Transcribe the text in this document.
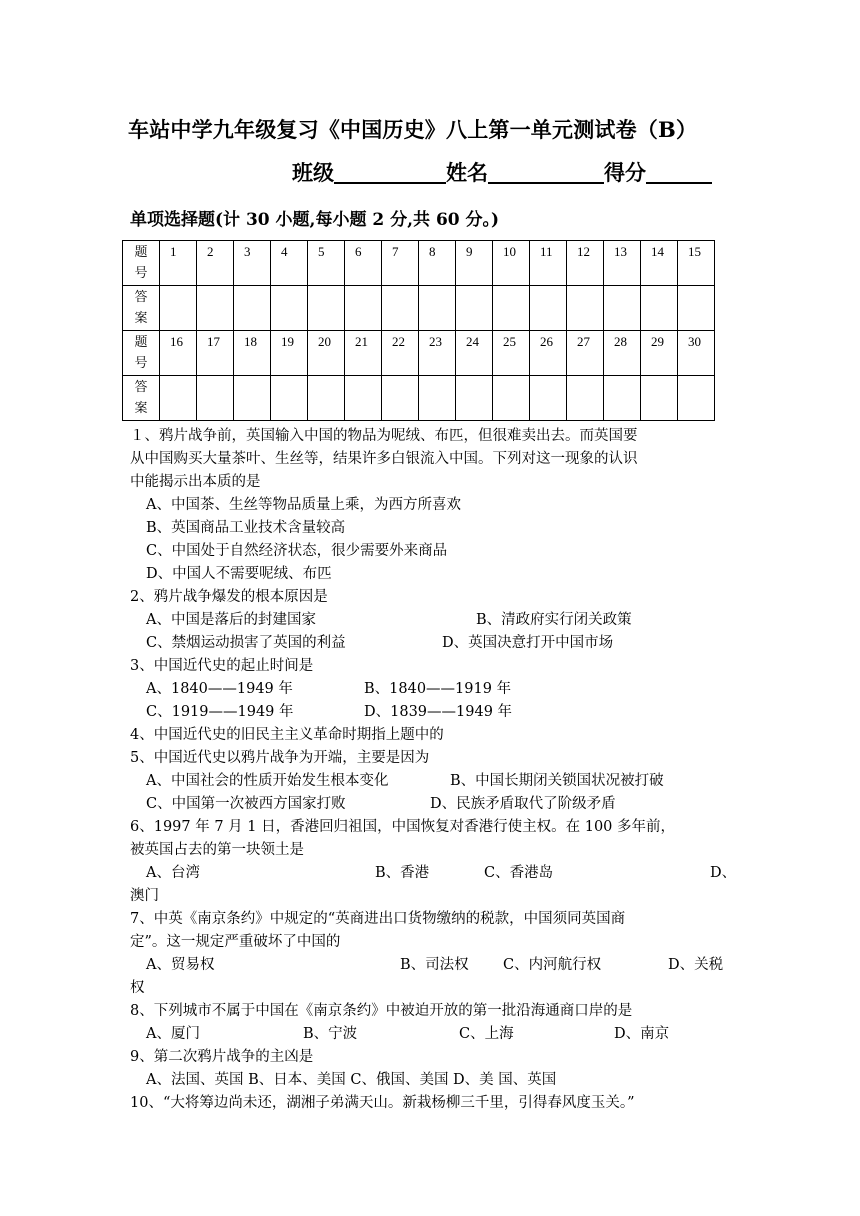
车站中学九年级复习《中国历史》八上第一单元测试卷（B）
班级	姓名	得分
单项选择题(计 30 小题,每小题 2 分,共 60 分。)
题
号	1	2	3	4	5	6	7	8	9	10	11	12	13	14	15
答
案															
题
号	16	17	18	19	20	21	22	23	24	25	26	27	28	29	30
答
案															
１、鸦片战争前，英国输入中国的物品为呢绒、布匹，但很难卖出去。而英国要
从中国购买大量茶叶、生丝等，结果许多白银流入中国。下列对这一现象的认识
中能揭示出本质的是
A、中国茶、生丝等物品质量上乘，为西方所喜欢
B、英国商品工业技术含量较高
C、中国处于自然经济状态，很少需要外来商品
D、中国人不需要呢绒、布匹
2、鸦片战争爆发的根本原因是
A、中国是落后的封建国家	B、清政府实行闭关政策
C、禁烟运动损害了英国的利益	D、英国决意打开中国市场
3、中国近代史的起止时间是
A、1840——1949 年	B、1840——1919 年
C、1919——1949 年	D、1839——1949 年
4、中国近代史的旧民主主义革命时期指上题中的
5、中国近代史以鸦片战争为开端，主要是因为
A、中国社会的性质开始发生根本变化	B、中国长期闭关锁国状况被打破
C、中国第一次被西方国家打败	D、民族矛盾取代了阶级矛盾
6、1997 年 7 月 1 日，香港回归祖国，中国恢复对香港行使主权。在 100 多年前，
被英国占去的第一块领土是
A、台湾	B、香港	C、香港岛	D、
澳门
7、中英《南京条约》中规定的“英商进出口货物缴纳的税款，中国须同英国商
定”。这一规定严重破坏了中国的
A、贸易权	B、司法权 C、内河航行权	D、关税
权
8、下列城市不属于中国在《南京条约》中被迫开放的第一批沿海通商口岸的是
A、厦门	B、宁波	C、上海	D、南京
9、第二次鸦片战争的主凶是
A、法国、英国 B、日本、美国 C、俄国、美国 D、美 国、英国
10、“大将筹边尚未还，湖湘子弟满天山。新栽杨柳三千里，引得春风度玉关。”
